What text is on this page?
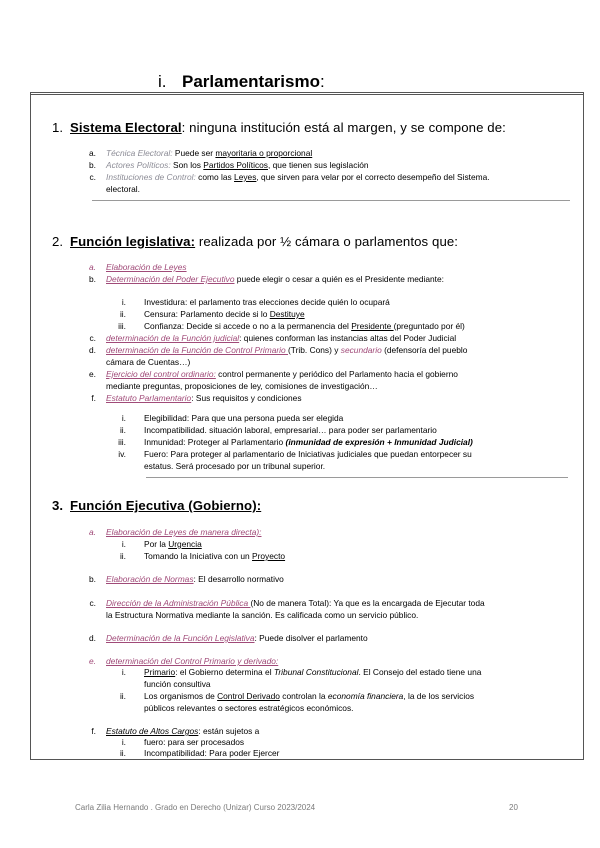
i. Parlamentarismo:
1. Sistema Electoral: ninguna institución está al margen, y se compone de:
a. Técnica Electoral: Puede ser mayoritaria o proporcional
b. Actores Políticos: Son los Partidos Políticos, que tienen sus legislación
c. Instituciones de Control: como las Leyes, que sirven para velar por el correcto desempeño del Sistema.
electoral.
2. Función legislativa: realizada por ½ cámara o parlamentos que:
a. Elaboración de Leyes
b. Determinación del Poder Ejecutivo puede elegir o cesar a quién es el Presidente mediante:
i. Investidura: el parlamento tras elecciones decide quién lo ocupará
ii. Censura: Parlamento decide si lo Destituye
iii. Confianza: Decide si accede o no a la permanencia del Presidente (preguntado por él)
c. determinación de la Función judicial: quienes conforman las instancias altas del Poder Judicial
d. determinación de la Función de Control Primario (Trib. Cons) y secundario (defensoría del pueblo
cámara de Cuentas…)
e. Ejercicio del control ordinario: control permanente y periódico del Parlamento hacia el gobierno
mediante preguntas, proposiciones de ley, comisiones de investigación…
f. Estatuto Parlamentario: Sus requisitos y condiciones
i. Elegibilidad: Para que una persona pueda ser elegida
ii. Incompatibilidad. situación laboral, empresarial… para poder ser parlamentario
iii. Inmunidad: Proteger al Parlamentario (inmunidad de expresión + Inmunidad Judicial)
iv. Fuero: Para proteger al parlamentario de Iniciativas judiciales que puedan entorpecer su
estatus. Será procesado por un tribunal superior.
3. Función Ejecutiva (Gobierno):
a. Elaboración de Leyes de manera directa):
i. Por la Urgencia
ii. Tomando la Iniciativa con un Proyecto
b. Elaboración de Normas: El desarrollo normativo
c. Dirección de la Administración Pública (No de manera Total): Ya que es la encargada de Ejecutar toda
la Estructura Normativa mediante la sanción. Es calificada como un servicio público.
d. Determinación de la Función Legislativa: Puede disolver el parlamento
e. determinación del Control Primario y derivado:
i. Primario: el Gobierno determina el Tribunal Constitucional. El Consejo del estado tiene una
función consultiva
ii. Los organismos de Control Derivado controlan la economía financiera, la de los servicios
públicos relevantes o sectores estratégicos económicos.
f. Estatuto de Altos Cargos: están sujetos a
i. fuero: para ser procesados
ii. Incompatibilidad: Para poder Ejercer
Carla Zilia Hernando . Grado en Derecho (Unizar) Curso 2023/2024	20
